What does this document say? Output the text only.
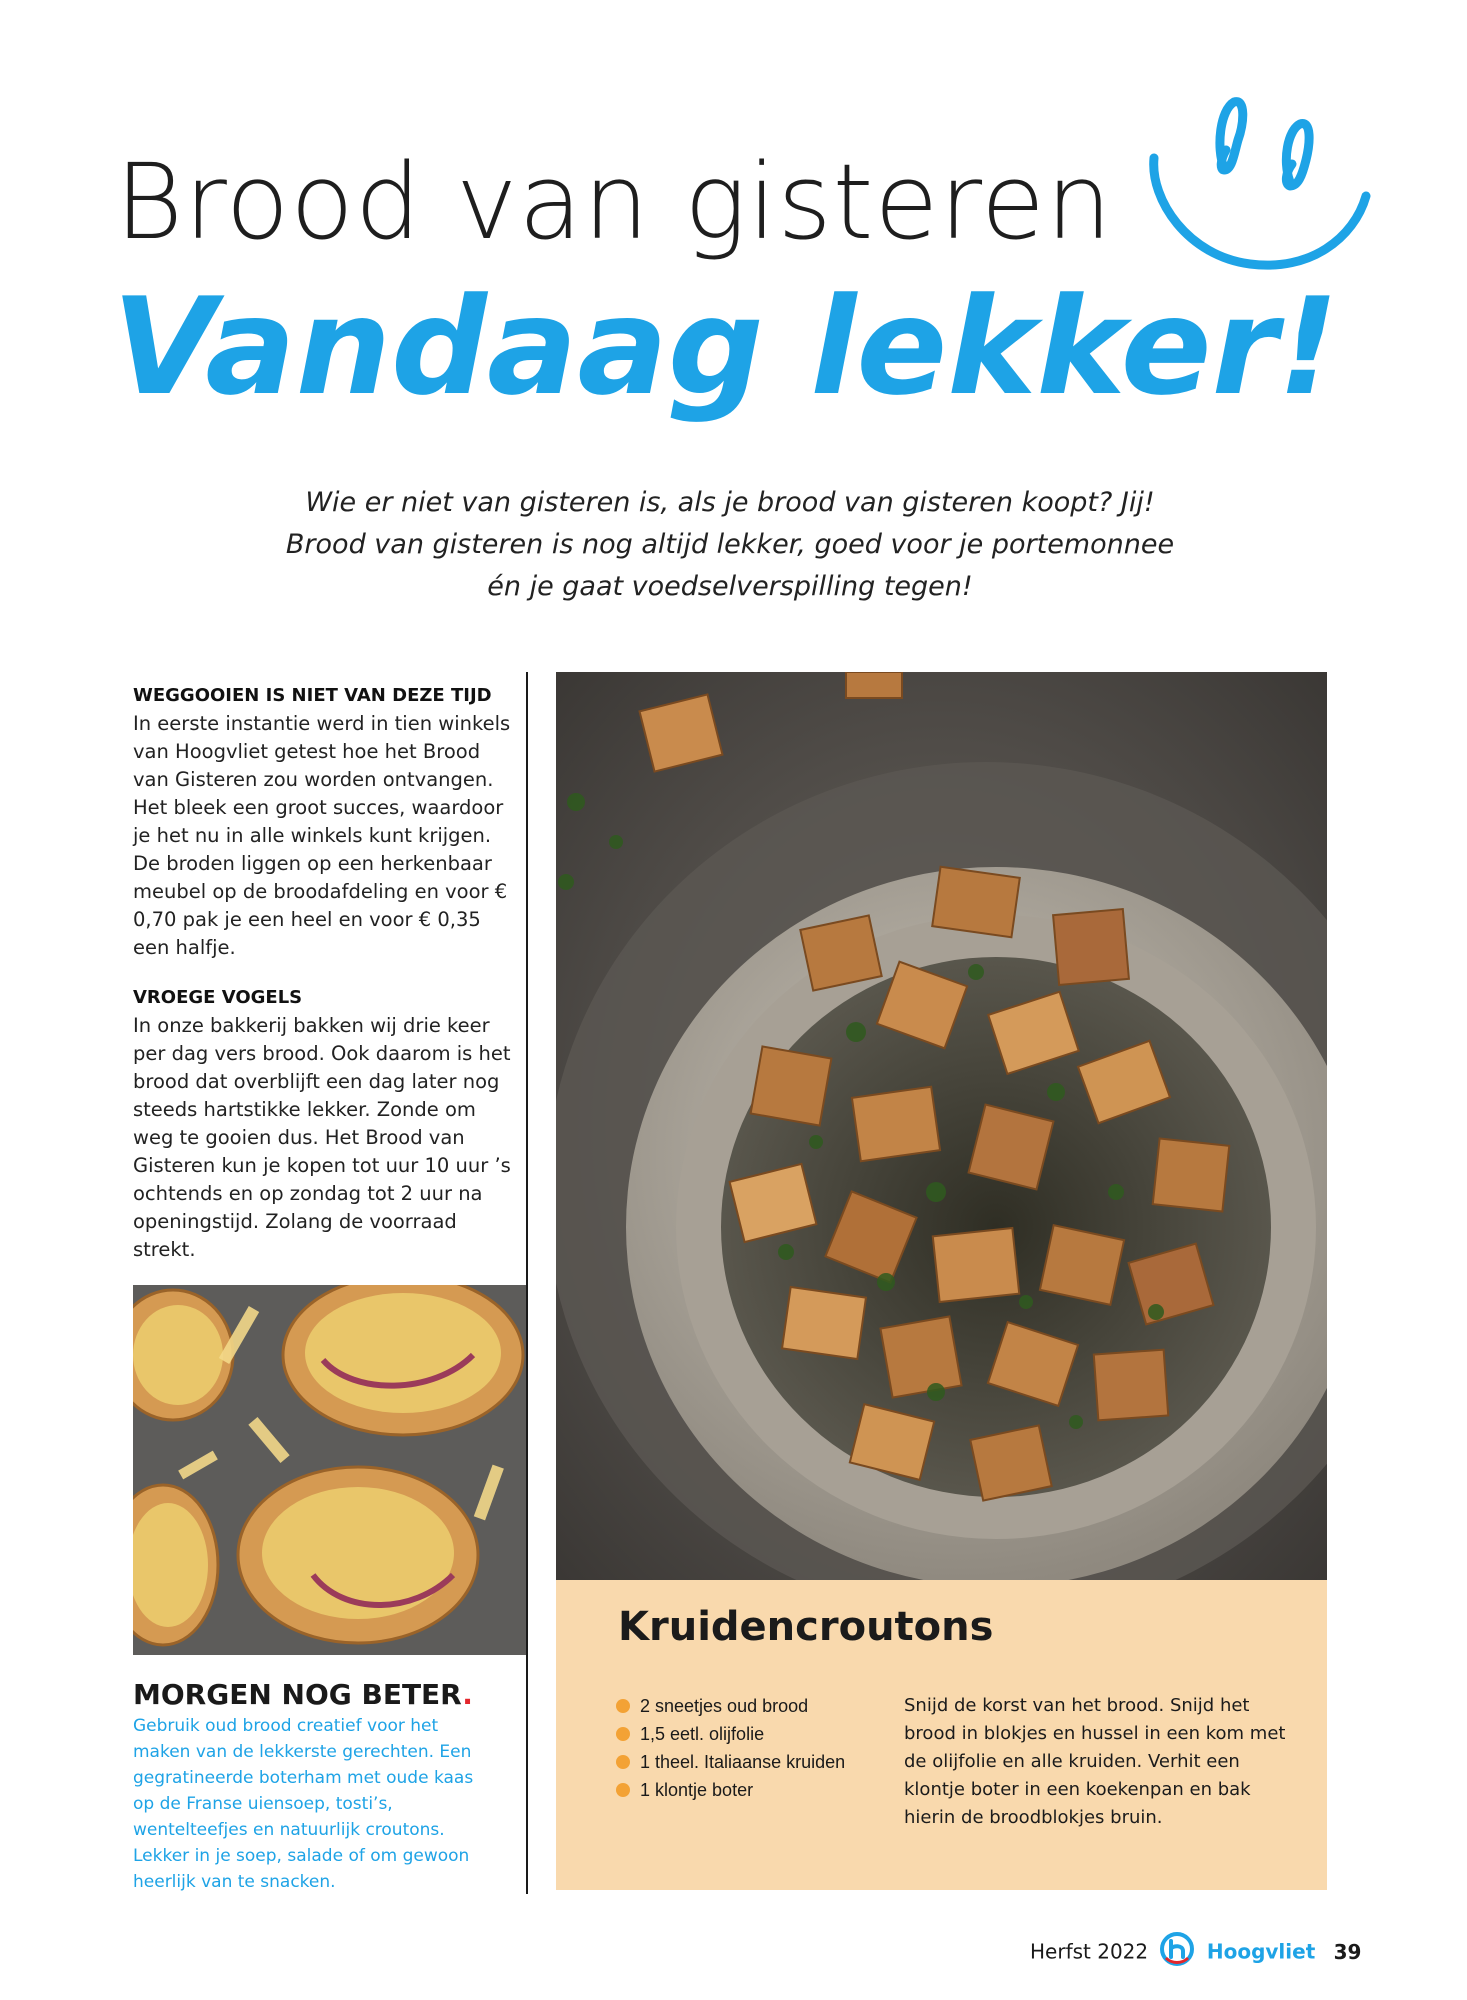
Brood van gisteren
Vandaag lekker!
Wie er niet van gisteren is, als je brood van gisteren koopt? Jij!
Brood van gisteren is nog altijd lekker, goed voor je portemonnee
én je gaat voedselverspilling tegen!

WEGGOOIEN IS NIET VAN DEZE TIJD

In eerste instantie werd in tien winkels van Hoogvliet getest hoe het Brood van Gisteren zou worden ontvangen. Het bleek een groot succes, waardoor je het nu in alle winkels kunt krijgen. De broden liggen op een herkenbaar meubel op de broodafdeling en voor € 0,70 pak je een heel en voor € 0,35 een halfje.

VROEGE VOGELS

In onze bakkerij bakken wij drie keer per dag vers brood. Ook daarom is het brood dat overblijft een dag later nog steeds hartstikke lekker. Zonde om weg te gooien dus. Het Brood van Gisteren kun je kopen tot uur 10 uur ’s ochtends en op zondag tot 2 uur na openingstijd. Zolang de voorraad strekt.

Kruidencroutons
2 sneetjes oud brood
1,5 eetl. olijfolie
1 theel. Italiaanse kruiden
1 klontje boter
Snijd de korst van het brood. Snijd het brood in blokjes en hussel in een kom met de olijfolie en alle kruiden. Verhit een klontje boter in een koekenpan en bak hierin de broodblokjes bruin.
MORGEN NOG BETER.
Gebruik oud brood creatief voor het maken van de lekkerste gerechten. Een gegratineerde boterham met oude kaas op de Franse uiensoep, tosti’s, wentelteefjes en natuurlijk croutons. Lekker in je soep, salade of om gewoon heerlijk van te snacken.
Herfst 2022	Hoogvliet 39
